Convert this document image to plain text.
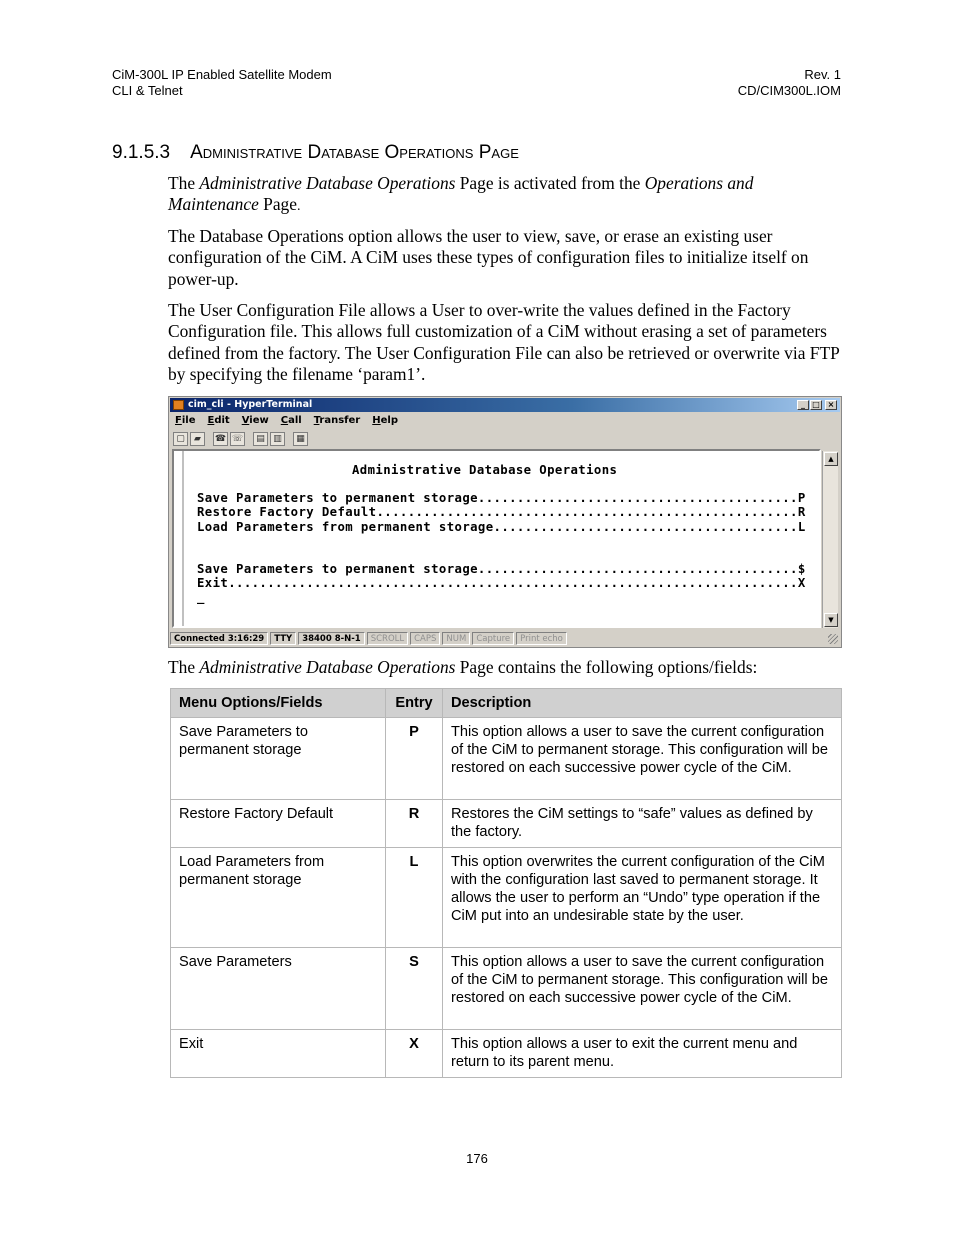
CiM-300L IP Enabled Satellite Modem
CLI & Telnet
Rev. 1
CD/CIM300L.IOM
9.1.5.3 Administrative Database Operations Page
The Administrative Database Operations Page is activated from the Operations and Maintenance Page.
The Database Operations option allows the user to view, save, or erase an existing user configuration of the CiM. A CiM uses these types of configuration files to initialize itself on power-up.
The User Configuration File allows a User to over-write the values defined in the Factory Configuration file. This allows full customization of a CiM without erasing a set of parameters defined from the factory. The User Configuration File can also be retrieved or overwrite via FTP by specifying the filename ‘param1’.
cim_cli - HyperTerminal	_ □ ×
File Edit View Call Transfer Help
▢	▰	☎ ☏	▤ ▥	▦
Administrative Database Operations
Save Parameters to permanent storage.........................................P
Restore Factory Default......................................................R
Load Parameters from permanent storage.......................................L
Save Parameters to permanent storage.........................................$
Exit.........................................................................X
_
▲
▼
Connected 3:16:29	TTY	38400 8-N-1	SCROLL	CAPS	NUM	Capture	Print echo
The Administrative Database Operations Page contains the following options/fields:
Menu Options/Fields	Entry	Description
Save Parameters to permanent storage	P	This option allows a user to save the current configuration of the CiM to permanent storage. This configuration will be restored on each successive power cycle of the CiM.
Restore Factory Default	R	Restores the CiM settings to “safe” values as defined by the factory.
Load Parameters from permanent storage	L	This option overwrites the current configuration of the CiM with the configuration last saved to permanent storage. It allows the user to perform an “Undo” type operation if the CiM put into an undesirable state by the user.
Save Parameters	S	This option allows a user to save the current configuration of the CiM to permanent storage. This configuration will be restored on each successive power cycle of the CiM.
Exit	X	This option allows a user to exit the current menu and return to its parent menu.
176
